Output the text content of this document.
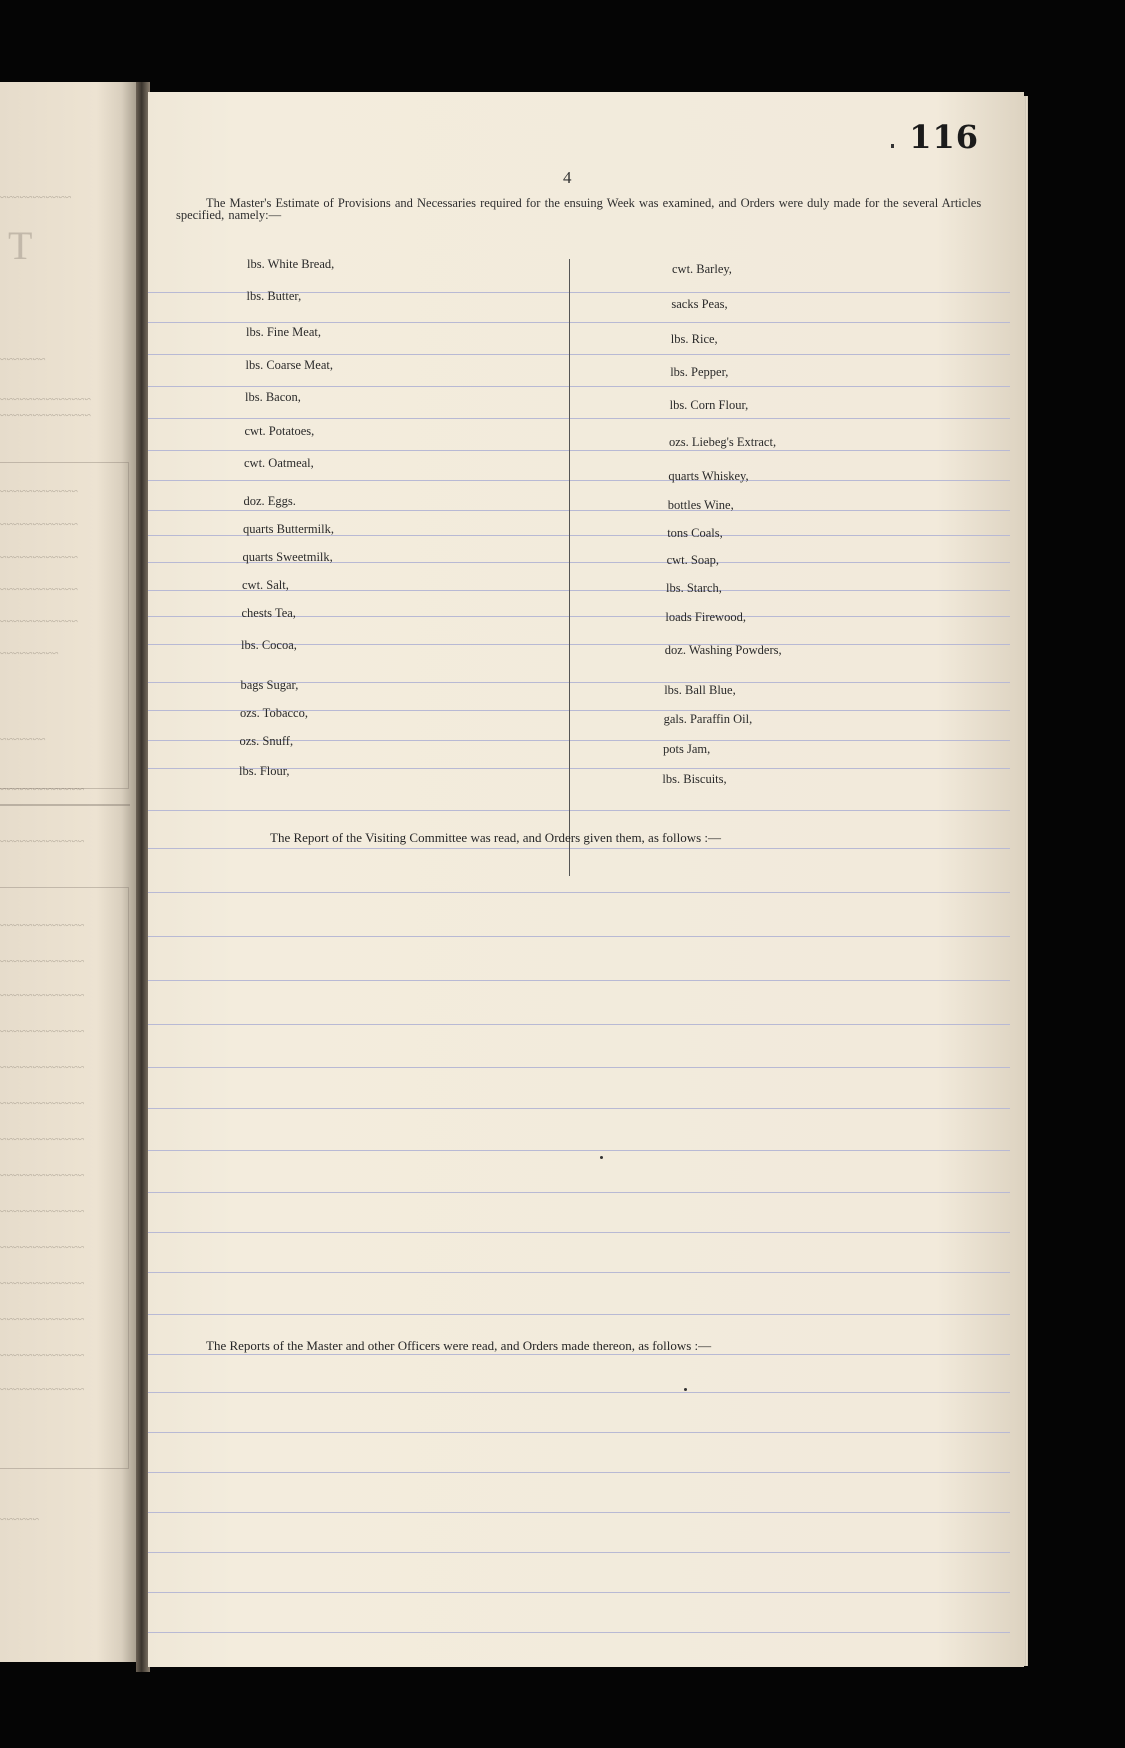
T
~~~~~~~~~~~
~~~~~~~
~~~~~~~~~~~~~~
~~~~~~~~~~~~~~
~~~~~~~~~~~~
~~~~~~~~~~~~
~~~~~~~~~~~~
~~~~~~~~~~~~
~~~~~~~~~~~~
~~~~~~~~~
~~~~~~~
~~~~~~~~~~~~~
~~~~~~~~~~~~~
~~~~~~~~~~~~~
~~~~~~~~~~~~~
~~~~~~~~~~~~~
~~~~~~~~~~~~~
~~~~~~~~~~~~~
~~~~~~~~~~~~~
~~~~~~~~~~~~~
~~~~~~~~~~~~~
~~~~~~~~~~~~~
~~~~~~~~~~~~~
~~~~~~~~~~~~~
~~~~~~~~~~~~~
~~~~~~~~~~~~~
~~~~~~~~~~~~~
~~~~~~
116
4
The Master's Estimate of Provisions and Necessaries required for the ensuing Week was examined, and Orders were duly made for the several Articles specified, namely:—
lbs. White Bread,
lbs. Butter,
lbs. Fine Meat,
lbs. Coarse Meat,
lbs. Bacon,
cwt. Potatoes,
cwt. Oatmeal,
doz. Eggs.
quarts Buttermilk,
quarts Sweetmilk,
cwt. Salt,
chests Tea,
lbs. Cocoa,
bags Sugar,
ozs. Tobacco,
ozs. Snuff,
lbs. Flour,
cwt. Barley,
sacks Peas,
lbs. Rice,
lbs. Pepper,
lbs. Corn Flour,
ozs. Liebeg's Extract,
quarts Whiskey,
bottles Wine,
tons Coals,
cwt. Soap,
lbs. Starch,
loads Firewood,
doz. Washing Powders,
lbs. Ball Blue,
gals. Paraffin Oil,
pots Jam,
lbs. Biscuits,
The Report of the Visiting Committee was read, and Orders given them, as follows :—
The Reports of the Master and other Officers were read, and Orders made thereon, as follows :—
